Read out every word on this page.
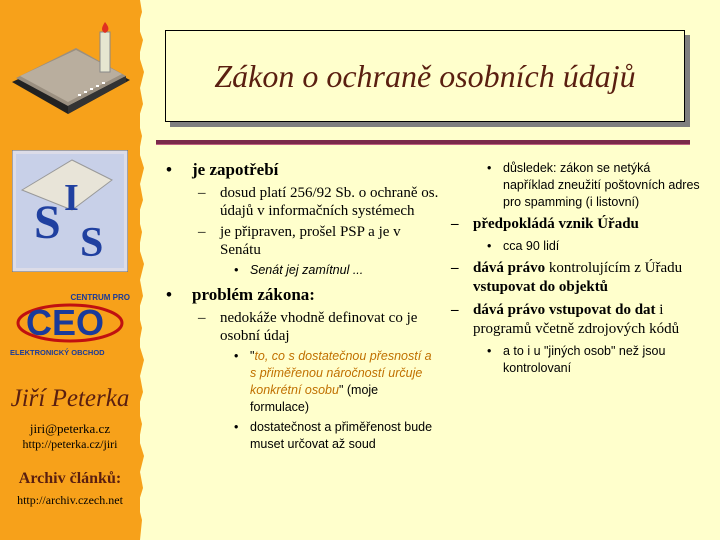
S I
S
CENTRUM PRO
CEO
ELEKTRONICKÝ OBCHOD
Jiří Peterka
jiri@peterka.cz
http://peterka.cz/jiri
Archiv článků:
http://archiv.czech.net
Zákon o ochraně osobních údajů
• je zapotřebí
– dosud platí 256/92 Sb. o ochraně os. údajů v informačních systémech
– je připraven, prošel PSP a je v Senátu
• Senát jej zamítnul ...
• problém zákona:
– nedokáže vhodně definovat co je osobní údaj
• "to, co s dostatečnou přesností a s přiměřenou náročností určuje konkrétní osobu" (moje formulace)
• dostatečnost a přiměřenost bude muset určovat až soud
• důsledek: zákon se netýká například zneužití poštovních adres pro spamming (i listovní)
– předpokládá vznik Úřadu
• cca 90 lidí
– dává právo kontrolujícím z Úřadu vstupovat do objektů
– dává právo vstupovat do dat i programů včetně zdrojových kódů
• a to i u "jiných osob" než jsou kontrolovaní
